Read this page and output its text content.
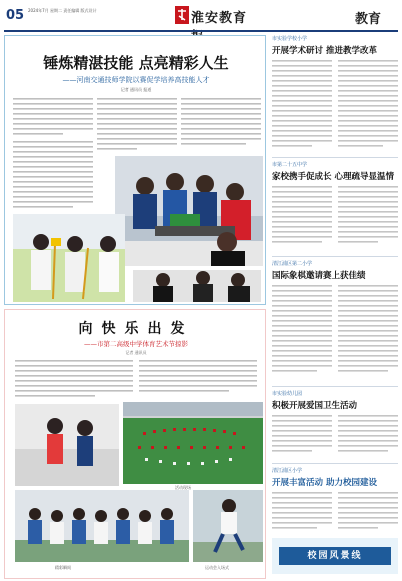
05 2024年7月 星期二 责任编辑 版式设计
淮安教育	教育
锤炼精湛技能 点亮精彩人生
——河南交通技师学院以赛促学培养高技能人才
记者 通讯员 报道
向快乐出发
——市第二高级中学体育艺术节掠影
记者 通讯员
精彩瞬间
活动现场
运动会入场式
市实验学校小学
开展学术研讨 推进教学改革
市第二十五中学
家校携手促成长 心理疏导显温情
清江浦区第二小学
国际象棋邀请赛上获佳绩
市实验幼儿园
积极开展爱国卫生活动
清江浦区小学
开展丰富活动 助力校园建设
校园风景线
